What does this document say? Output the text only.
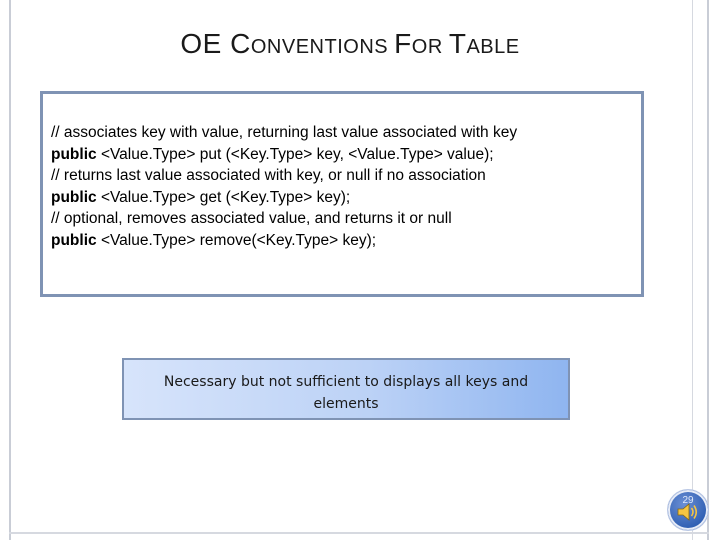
OE CONVENTIONS FOR TABLE
// associates key with value, returning last value associated with key
public <Value.Type> put (<Key.Type> key, <Value.Type> value);
// returns last value associated with key, or null if no association
public <Value.Type> get (<Key.Type> key);
// optional, removes associated value, and returns it or null
public <Value.Type> remove(<Key.Type> key);
Necessary but not sufficient to displays all keys and elements
29
